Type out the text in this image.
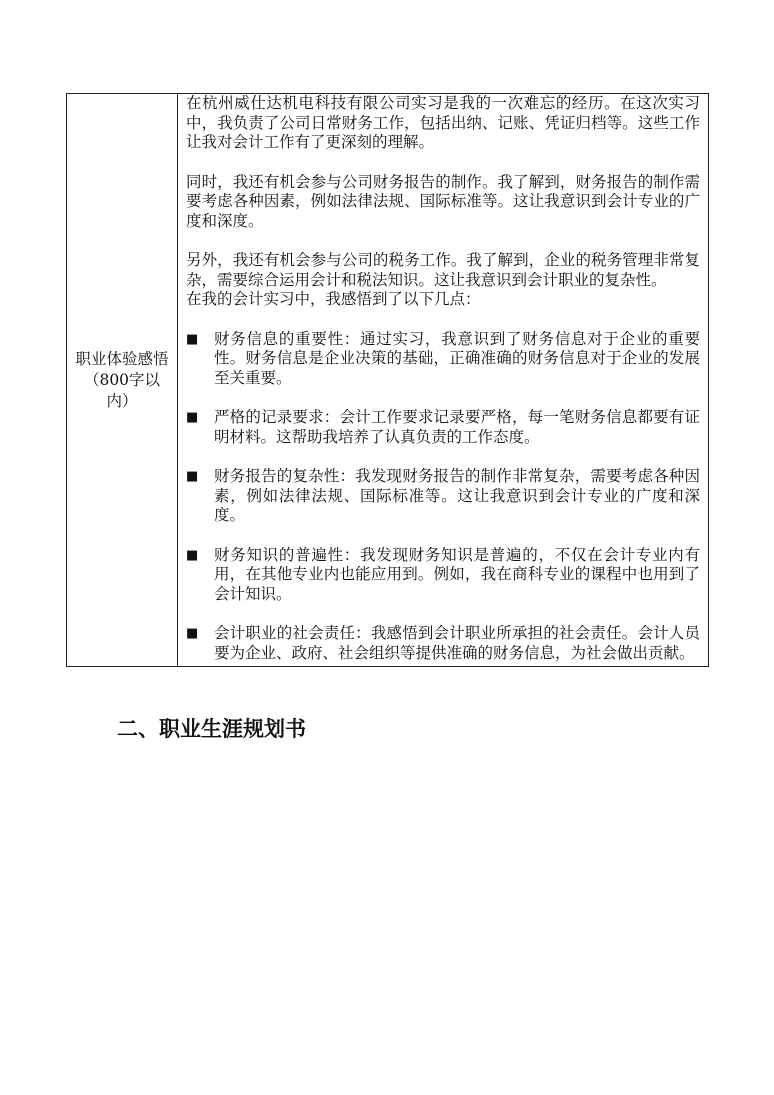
职业体验感悟（800字以内）	

在杭州威仕达机电科技有限公司实习是我的一次难忘的经历。在这次实习中，我负责了公司日常财务工作，包括出纳、记账、凭证归档等。这些工作让我对会计工作有了更深刻的理解。

同时，我还有机会参与公司财务报告的制作。我了解到，财务报告的制作需要考虑各种因素，例如法律法规、国际标准等。这让我意识到会计专业的广度和深度。

另外，我还有机会参与公司的税务工作。我了解到，企业的税务管理非常复杂，需要综合运用会计和税法知识。这让我意识到会计职业的复杂性。

在我的会计实习中，我感悟到了以下几点：

■ 财务信息的重要性：通过实习，我意识到了财务信息对于企业的重要性。财务信息是企业决策的基础，正确准确的财务信息对于企业的发展至关重要。
■ 严格的记录要求：会计工作要求记录要严格，每一笔财务信息都要有证明材料。这帮助我培养了认真负责的工作态度。
■ 财务报告的复杂性：我发现财务报告的制作非常复杂，需要考虑各种因素，例如法律法规、国际标准等。这让我意识到会计专业的广度和深度。
■ 财务知识的普遍性：我发现财务知识是普遍的，不仅在会计专业内有用，在其他专业内也能应用到。例如，我在商科专业的课程中也用到了会计知识。
■ 会计职业的社会责任：我感悟到会计职业所承担的社会责任。会计人员要为企业、政府、社会组织等提供准确的财务信息，为社会做出贡献。
二、职业生涯规划书
